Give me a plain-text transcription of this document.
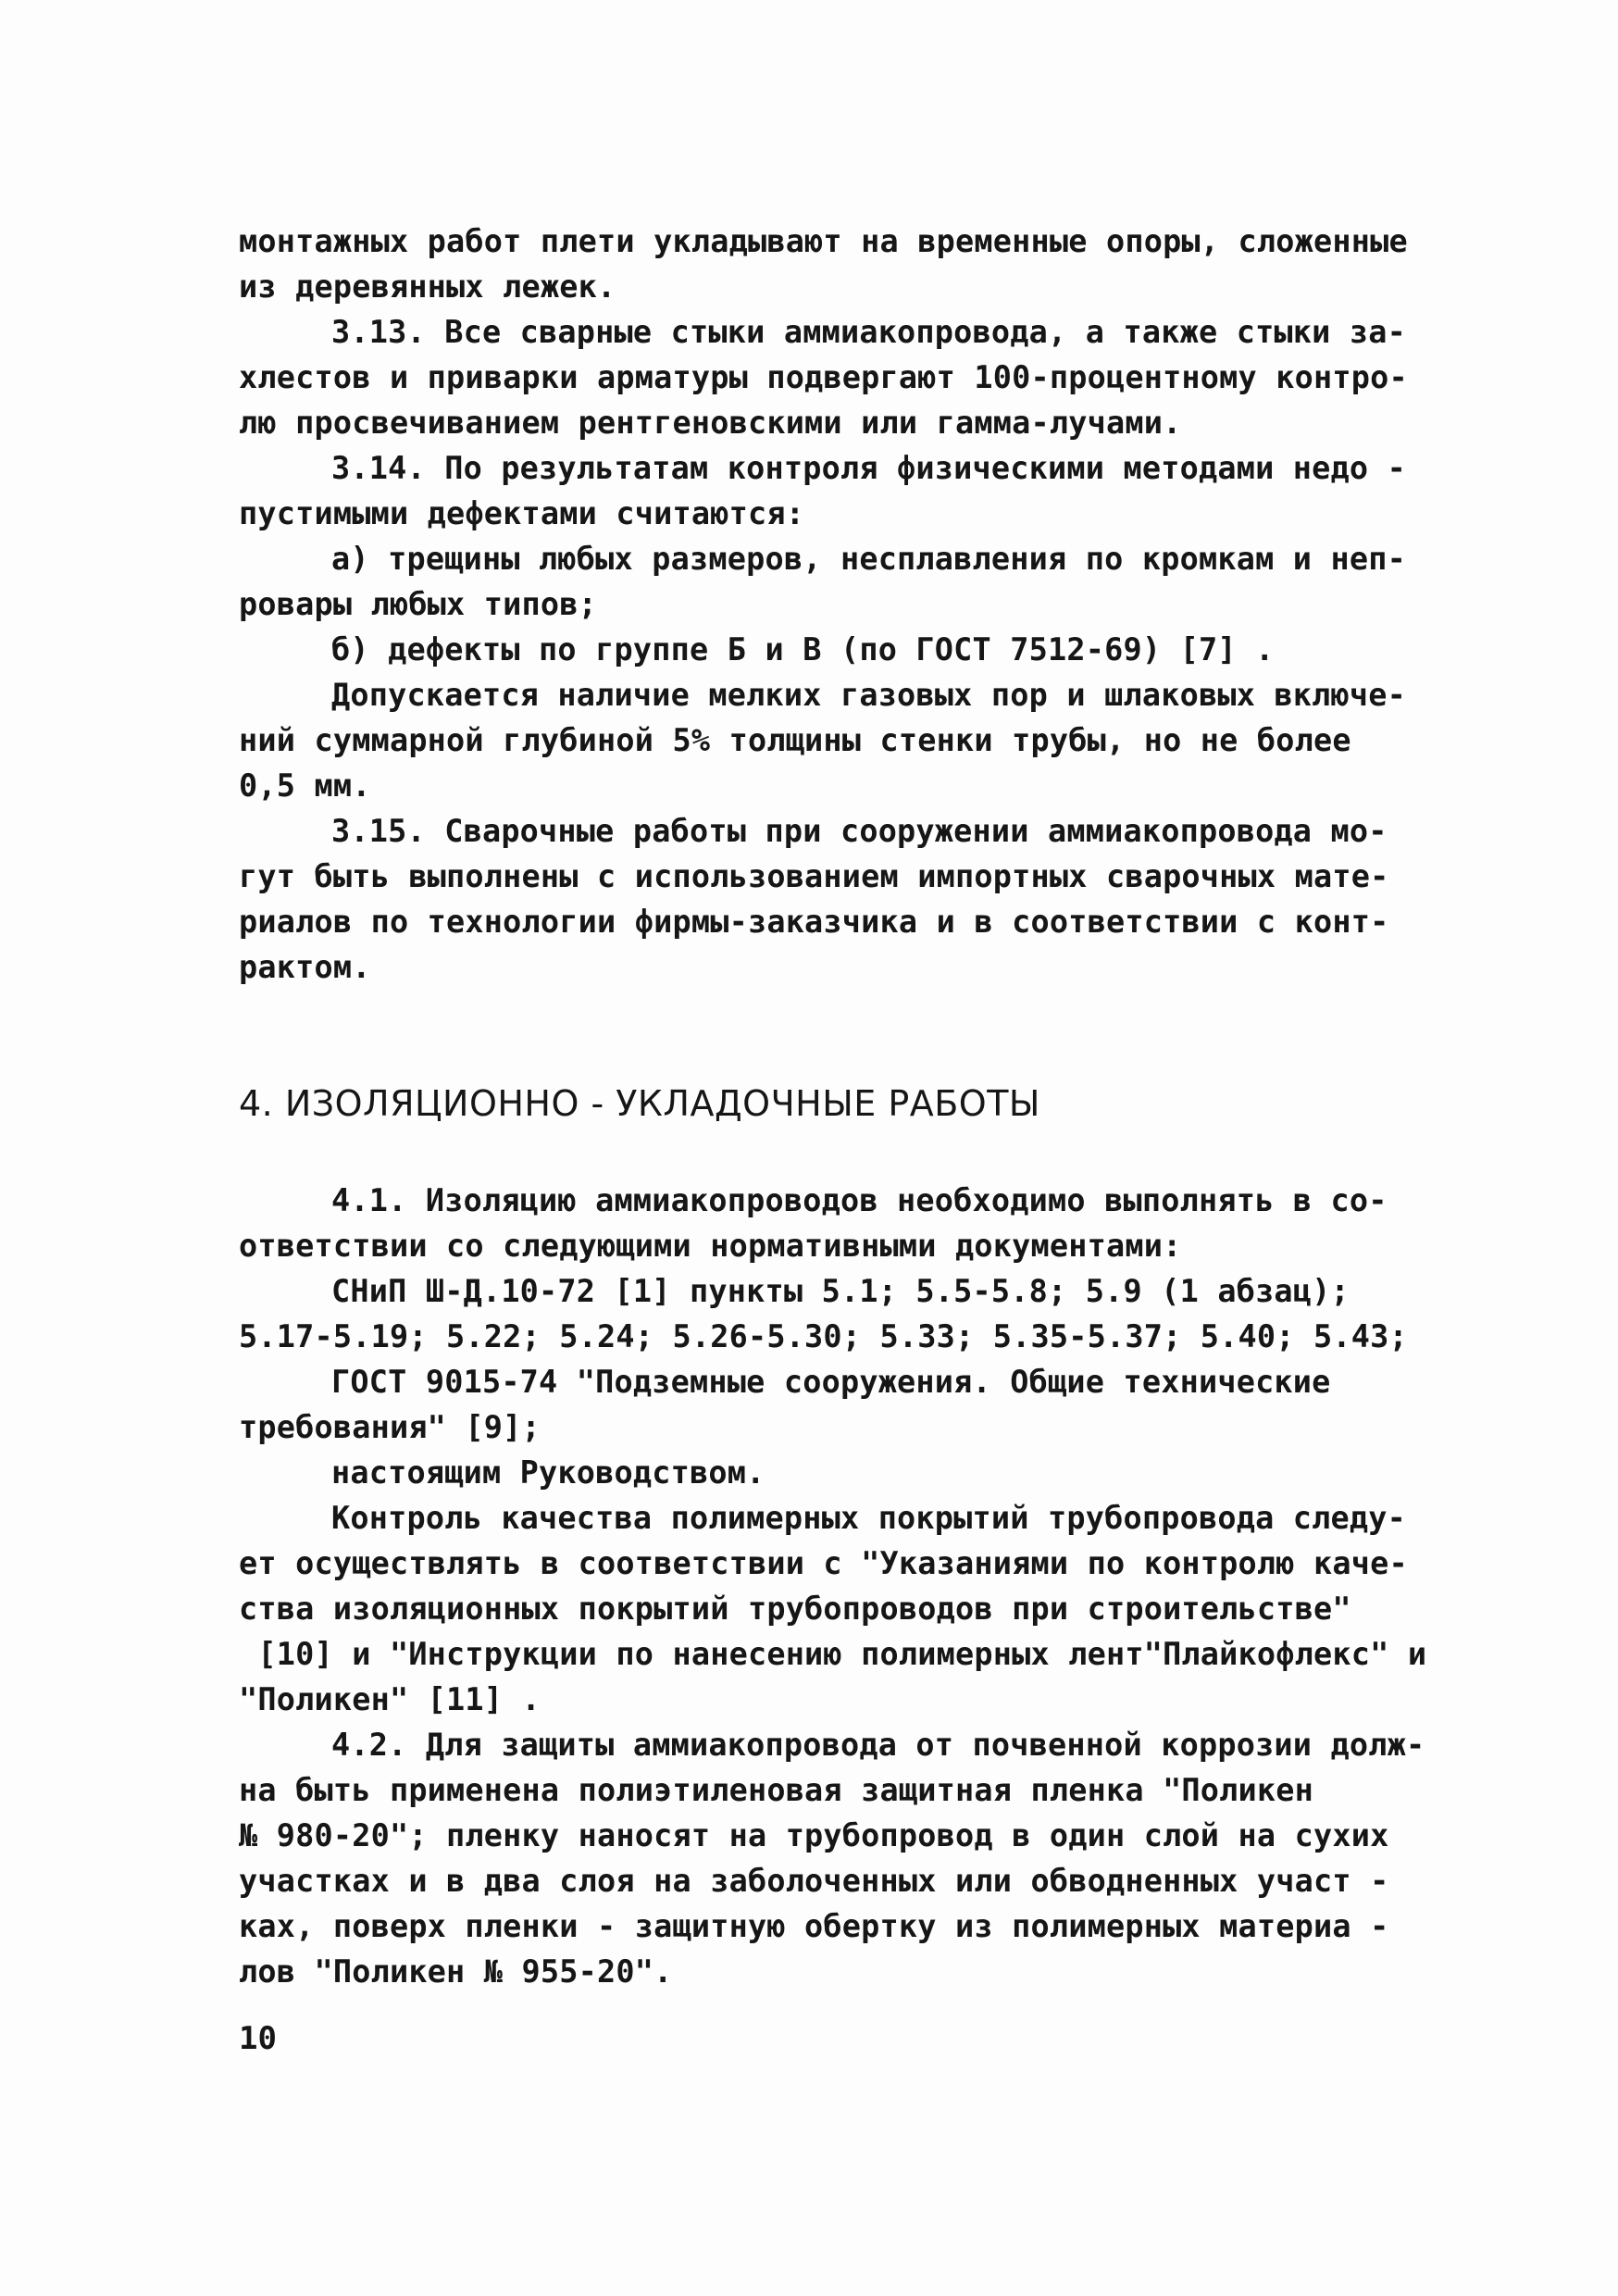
монтажных работ плети укладывают на временные опоры, сложенные
из деревянных лежек.
3.13. Все сварные стыки аммиакопровода, а также стыки за-
хлестов и приварки арматуры подвергают 100-процентному контро-
лю просвечиванием рентгеновскими или гамма-лучами.
3.14. По результатам контроля физическими методами недо -
пустимыми дефектами считаются:
а) трещины любых размеров, несплавления по кромкам и неп-
ровары любых типов;
б) дефекты по группе Б и В (по ГОСТ 7512-69) [7] .
Допускается наличие мелких газовых пор и шлаковых включе-
ний суммарной глубиной 5% толщины стенки трубы, но не более
0,5 мм.
3.15. Сварочные работы при сооружении аммиакопровода мо-
гут быть выполнены с использованием импортных сварочных мате-
риалов по технологии фирмы-заказчика и в соответствии с конт-
рактом.
4. ИЗОЛЯЦИОННО - УКЛАДОЧНЫЕ РАБОТЫ
4.1. Изоляцию аммиакопроводов необходимо выполнять в со-
ответствии со следующими нормативными документами:
СНиП Ш-Д.10-72 [1] пункты 5.1; 5.5-5.8; 5.9 (1 абзац);
5.17-5.19; 5.22; 5.24; 5.26-5.30; 5.33; 5.35-5.37; 5.40; 5.43;
ГОСТ 9015-74 "Подземные сооружения. Общие технические
требования" [9];
настоящим Руководством.
Контроль качества полимерных покрытий трубопровода следу-
ет осуществлять в соответствии с "Указаниями по контролю каче-
ства изоляционных покрытий трубопроводов при строительстве"
[10] и "Инструкции по нанесению полимерных лент"Плайкофлекс" и
"Поликен" [11] .
4.2. Для защиты аммиакопровода от почвенной коррозии долж-
на быть применена полиэтиленовая защитная пленка "Поликен
№ 980-20"; пленку наносят на трубопровод в один слой на сухих
участках и в два слоя на заболоченных или обводненных участ -
ках, поверх пленки - защитную обертку из полимерных материа -
лов "Поликен № 955-20".
10
